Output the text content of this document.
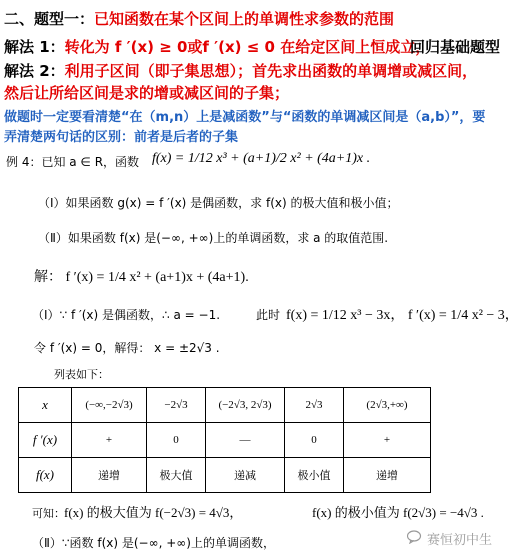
二、题型一：已知函数在某个区间上的单调性求参数的范围
解法 1：转化为 f ′(x) ≥ 0或f ′(x) ≤ 0 在给定区间上恒成立，
回归基础题型
解法 2：利用子区间（即子集思想）；首先求出函数的单调增或减区间，
然后让所给区间是求的增或减区间的子集；
做题时一定要看清楚“在（m,n）上是减函数”与“函数的单调减区间是（a,b）”，要
弄清楚两句话的区别：前者是后者的子集
例 4：已知 a ∈ R，函数 f(x) = 1/12 x³ + (a+1)/2 x² + (4a+1)x .
（Ⅰ）如果函数 g(x) = f ′(x) 是偶函数，求 f(x) 的极大值和极小值；
（Ⅱ）如果函数 f(x) 是(−∞, +∞)上的单调函数，求 a 的取值范围.
解： f ′(x) = 1/4 x² + (a+1)x + (4a+1).
（Ⅰ）∵ f ′(x) 是偶函数，∴ a = −1.	此时 f(x) = 1/12 x³ − 3x， f ′(x) = 1/4 x² − 3，
令 f ′(x) = 0，解得： x = ±2√3 .
列表如下：
x	(−∞,−2√3)	−2√3	(−2√3, 2√3)	2√3	(2√3,+∞)
f ′(x)	+	0	—	0	+
f(x)	递增	极大值	递减	极小值	递增
可知： f(x) 的极大值为 f(−2√3) = 4√3，	f(x) 的极小值为 f(2√3) = −4√3 .
（Ⅱ）∵函数 f(x) 是(−∞, +∞)上的单调函数，	赛恒初中生
